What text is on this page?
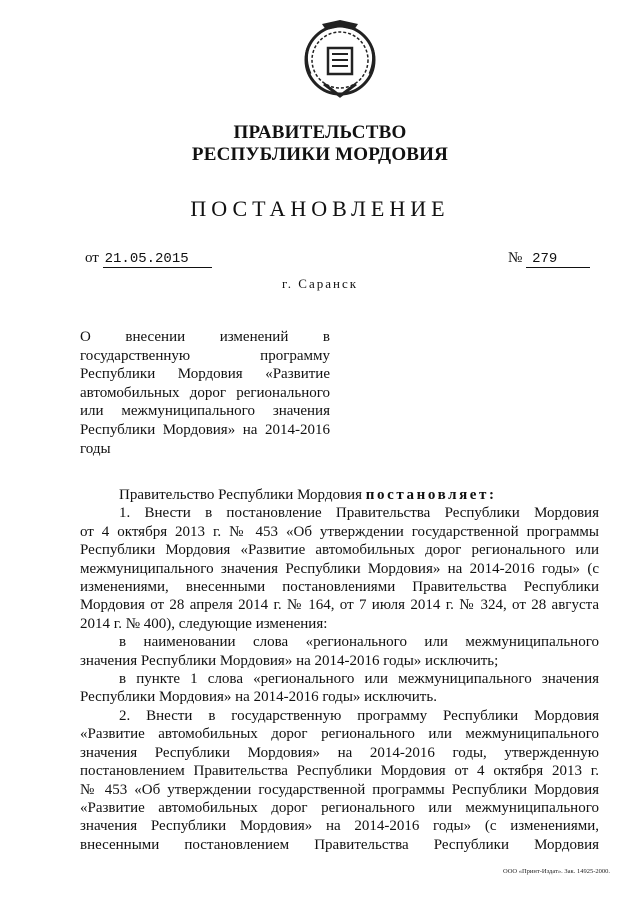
ПРАВИТЕЛЬСТВО
РЕСПУБЛИКИ МОРДОВИЯ
ПОСТАНОВЛЕНИЕ
от 21.05.2015	№ 279
г. Саранск
О внесении изменений в
государственную программу
Республики Мордовия «Развитие
автомобильных дорог регионального
или межмуниципального значения
Республики Мордовия» на 2014-2016
годы
Правительство Республики Мордовия постановляет:
1. Внести в постановление Правительства Республики Мордовия
от 4 октября 2013 г. № 453 «Об утверждении государственной программы
Республики Мордовия «Развитие автомобильных дорог регионального или
межмуниципального значения Республики Мордовия» на 2014-2016 годы» (с
изменениями, внесенными постановлениями Правительства Республики
Мордовия от 28 апреля 2014 г. № 164, от 7 июля 2014 г. № 324, от 28 августа
2014 г. № 400), следующие изменения:
в наименовании слова «регионального или межмуниципального
значения Республики Мордовия» на 2014-2016 годы» исключить;
в пункте 1 слова «регионального или межмуниципального значения
Республики Мордовия» на 2014-2016 годы» исключить.
2. Внести в государственную программу Республики Мордовия
«Развитие автомобильных дорог регионального или межмуниципального
значения Республики Мордовия» на 2014-2016 годы, утвержденную
постановлением Правительства Республики Мордовия от 4 октября 2013 г.
№ 453 «Об утверждении государственной программы Республики Мордовия
«Развитие автомобильных дорог регионального или межмуниципального
значения Республики Мордовия» на 2014-2016 годы» (с изменениями,
внесенными постановлением Правительства Республики Мордовия
ООО «Принт-Издат». Зак. 14925-2000.
